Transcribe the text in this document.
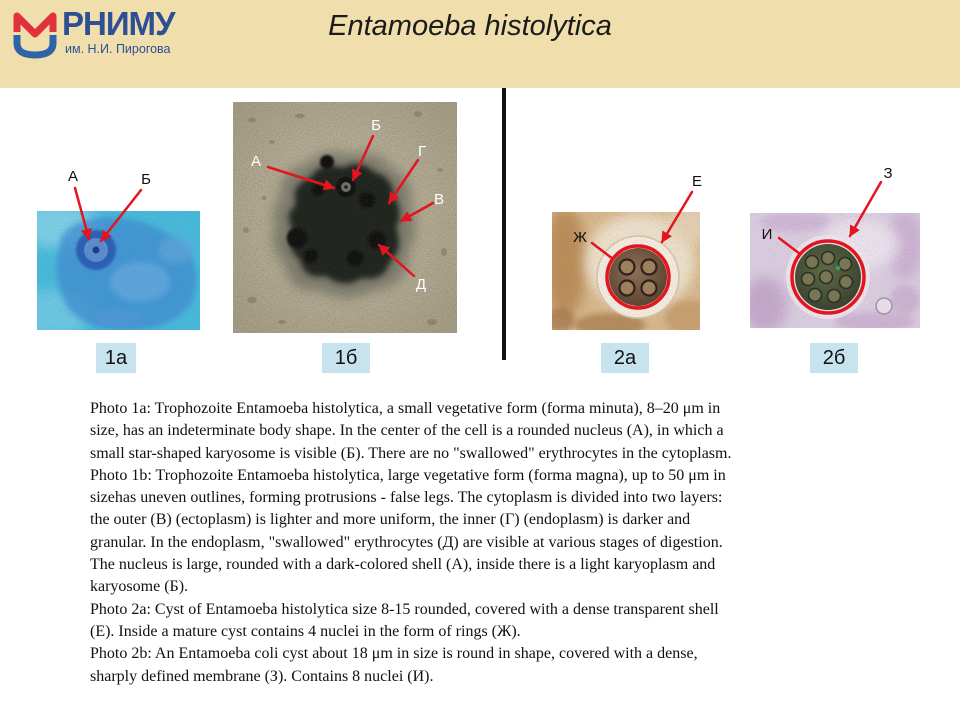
РНИМУ
им. Н.И. Пирогова
Entamoeba histolytica
А	Б
А
Б
В
Г
Д
Е
Ж
З
И
1а	1б	2а	2б
Photo 1a: Trophozoite Entamoeba histolytica, a small vegetative form (forma minuta), 8–20 μm in
size, has an indeterminate body shape. In the center of the cell is a rounded nucleus (А), in which a
small star-shaped karyosome is visible (Б). There are no "swallowed" erythrocytes in the cytoplasm.
Photo 1b: Trophozoite Entamoeba histolytica, large vegetative form (forma magna), up to 50 μm in
sizehas uneven outlines, forming protrusions - false legs. The cytoplasm is divided into two layers:
the outer (В) (ectoplasm) is lighter and more uniform, the inner (Г) (endoplasm) is darker and
granular. In the endoplasm, "swallowed" erythrocytes (Д) are visible at various stages of digestion.
The nucleus is large, rounded with a dark-colored shell (А), inside there is a light karyoplasm and
karyosome (Б).
Photo 2a: Cyst of Entamoeba histolytica size 8-15 rounded, covered with a dense transparent shell
(Е). Inside a mature cyst contains 4 nuclei in the form of rings (Ж).
Photo 2b: An Entamoeba coli cyst about 18 μm in size is round in shape, covered with a dense,
sharply defined membrane (З). Contains 8 nuclei (И).
